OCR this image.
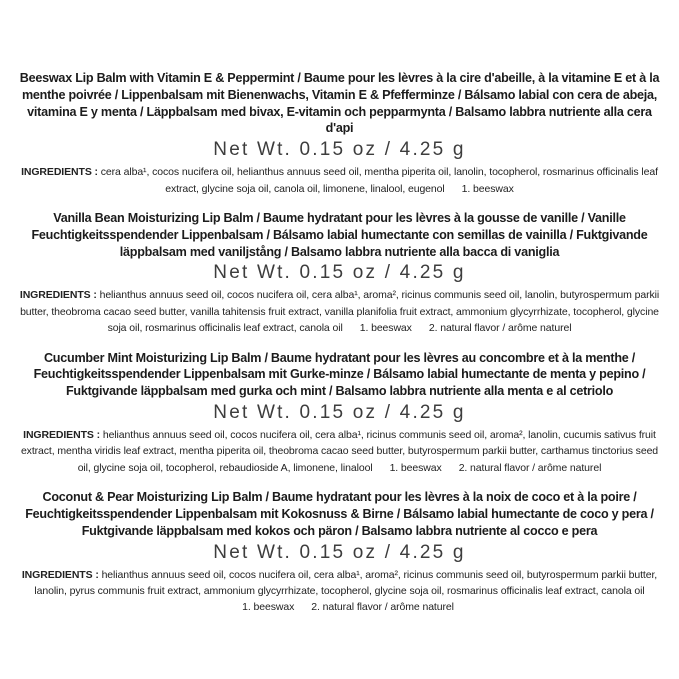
Beeswax Lip Balm with Vitamin E & Peppermint / Baume pour les lèvres à la cire d'abeille, à la vitamine E et à la menthe poivrée / Lippenbalsam mit Bienenwachs, Vitamin E & Pfefferminze / Bálsamo labial con cera de abeja, vitamina E y menta / Läppbalsam med bivax, E-vitamin och pepparmynta / Balsamo labbra nutriente alla cera d'api

Net Wt. 0.15 oz / 4.25 g

INGREDIENTS : cera alba¹, cocos nucifera oil, helianthus annuus seed oil, mentha piperita oil, lanolin, tocopherol, rosmarinus officinalis leaf extract, glycine soja oil, canola oil, limonene, linalool, eugenol 1. beeswax

Vanilla Bean Moisturizing Lip Balm / Baume hydratant pour les lèvres à la gousse de vanille / Vanille Feuchtigkeitsspendender Lippenbalsam / Bálsamo labial humectante con semillas de vainilla / Fuktgivande läppbalsam med vaniljstång / Balsamo labbra nutriente alla bacca di vaniglia

Net Wt. 0.15 oz / 4.25 g

INGREDIENTS : helianthus annuus seed oil, cocos nucifera oil, cera alba¹, aroma², ricinus communis seed oil, lanolin, butyrospermum parkii butter, theobroma cacao seed butter, vanilla tahitensis fruit extract, vanilla planifolia fruit extract, ammonium glycyrrhizate, tocopherol, glycine soja oil, rosmarinus officinalis leaf extract, canola oil 1. beeswax 2. natural flavor / arôme naturel

Cucumber Mint Moisturizing Lip Balm / Baume hydratant pour les lèvres au concombre et à la menthe / Feuchtigkeitsspendender Lippenbalsam mit Gurke-minze / Bálsamo labial humectante de menta y pepino / Fuktgivande läppbalsam med gurka och mint / Balsamo labbra nutriente alla menta e al cetriolo

Net Wt. 0.15 oz / 4.25 g

INGREDIENTS : helianthus annuus seed oil, cocos nucifera oil, cera alba¹, ricinus communis seed oil, aroma², lanolin, cucumis sativus fruit extract, mentha viridis leaf extract, mentha piperita oil, theobroma cacao seed butter, butyrospermum parkii butter, carthamus tinctorius seed oil, glycine soja oil, tocopherol, rebaudioside A, limonene, linalool 1. beeswax 2. natural flavor / arôme naturel

Coconut & Pear Moisturizing Lip Balm / Baume hydratant pour les lèvres à la noix de coco et à la poire / Feuchtigkeitsspendender Lippenbalsam mit Kokosnuss & Birne / Bálsamo labial humectante de coco y pera / Fuktgivande läppbalsam med kokos och päron / Balsamo labbra nutriente al cocco e pera

Net Wt. 0.15 oz / 4.25 g

INGREDIENTS : helianthus annuus seed oil, cocos nucifera oil, cera alba¹, aroma², ricinus communis seed oil, butyrospermum parkii butter, lanolin, pyrus communis fruit extract, ammonium glycyrrhizate, tocopherol, glycine soja oil, rosmarinus officinalis leaf extract, canola oil1. beeswax 2. natural flavor / arôme naturel
